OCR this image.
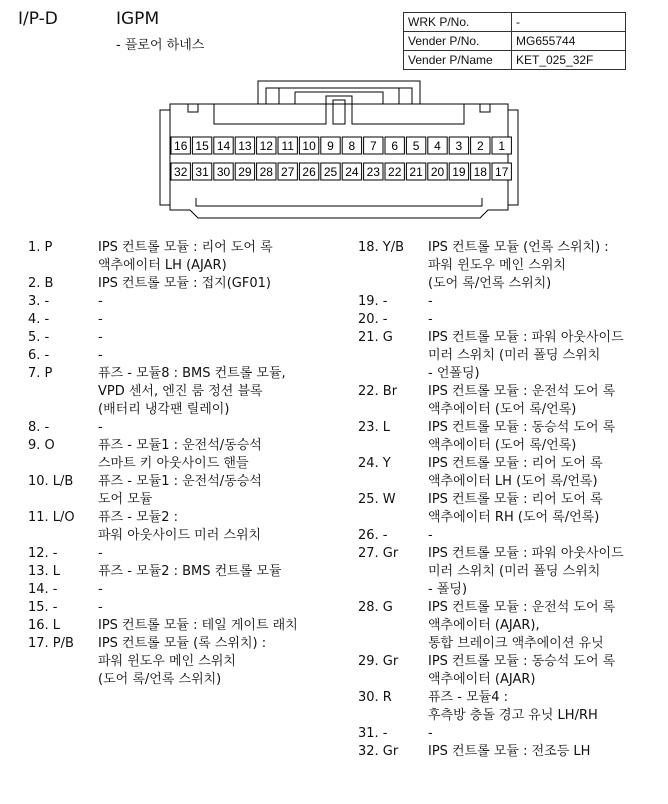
I/P-D	IGPM
- 플로어 하네스
WRK P/No.	-
Vender P/No.	MG655744
Vender P/Name	KET_025_32F
16 15 14 13 12 11 10 9 8 7 6 5 4 3 2 1
32 31 30 29 28 27 26 25 24 23 22 21 20 19 18 17
1. P	IPS 컨트롤 모듈 : 리어 도어 록
액추에이터 LH (AJAR)
2. B	IPS 컨트롤 모듈 : 접지(GF01)
3. -	-
4. -	-
5. -	-
6. -	-
7. P	퓨즈 - 모듈8 : BMS 컨트롤 모듈,
VPD 센서, 엔진 룸 정션 블록
(배터리 냉각팬 릴레이)
8. -	-
9. O	퓨즈 - 모듈1 : 운전석/동승석
스마트 키 아웃사이드 핸들
10. L/B	퓨즈 - 모듈1 : 운전석/동승석
도어 모듈
11. L/O	퓨즈 - 모듈2 :
파워 아웃사이드 미러 스위치
12. -	-
13. L	퓨즈 - 모듈2 : BMS 컨트롤 모듈
14. -	-
15. -	-
16. L	IPS 컨트롤 모듈 : 테일 게이트 래치
17. P/B	IPS 컨트롤 모듈 (록 스위치) :
파워 윈도우 메인 스위치
(도어 록/언록 스위치)
18. Y/B	IPS 컨트롤 모듈 (언록 스위치) :
파워 윈도우 메인 스위치
(도어 록/언록 스위치)
19. -	-
20. -	-
21. G	IPS 컨트롤 모듈 : 파워 아웃사이드
미러 스위치 (미러 폴딩 스위치
- 언폴딩)
22. Br	IPS 컨트롤 모듈 : 운전석 도어 록
액추에이터 (도어 록/언록)
23. L	IPS 컨트롤 모듈 : 동승석 도어 록
액추에이터 (도어 록/언록)
24. Y	IPS 컨트롤 모듈 : 리어 도어 록
액추에이터 LH (도어 록/언록)
25. W	IPS 컨트롤 모듈 : 리어 도어 록
액추에이터 RH (도어 록/언록)
26. -	-
27. Gr	IPS 컨트롤 모듈 : 파워 아웃사이드
미러 스위치 (미러 폴딩 스위치
- 폴딩)
28. G	IPS 컨트롤 모듈 : 운전석 도어 록
액추에이터 (AJAR),
통합 브레이크 액추에이션 유닛
29. Gr	IPS 컨트롤 모듈 : 동승석 도어 록
액추에이터 (AJAR)
30. R	퓨즈 - 모듈4 :
후측방 충돌 경고 유닛 LH/RH
31. -	-
32. Gr	IPS 컨트롤 모듈 : 전조등 LH
